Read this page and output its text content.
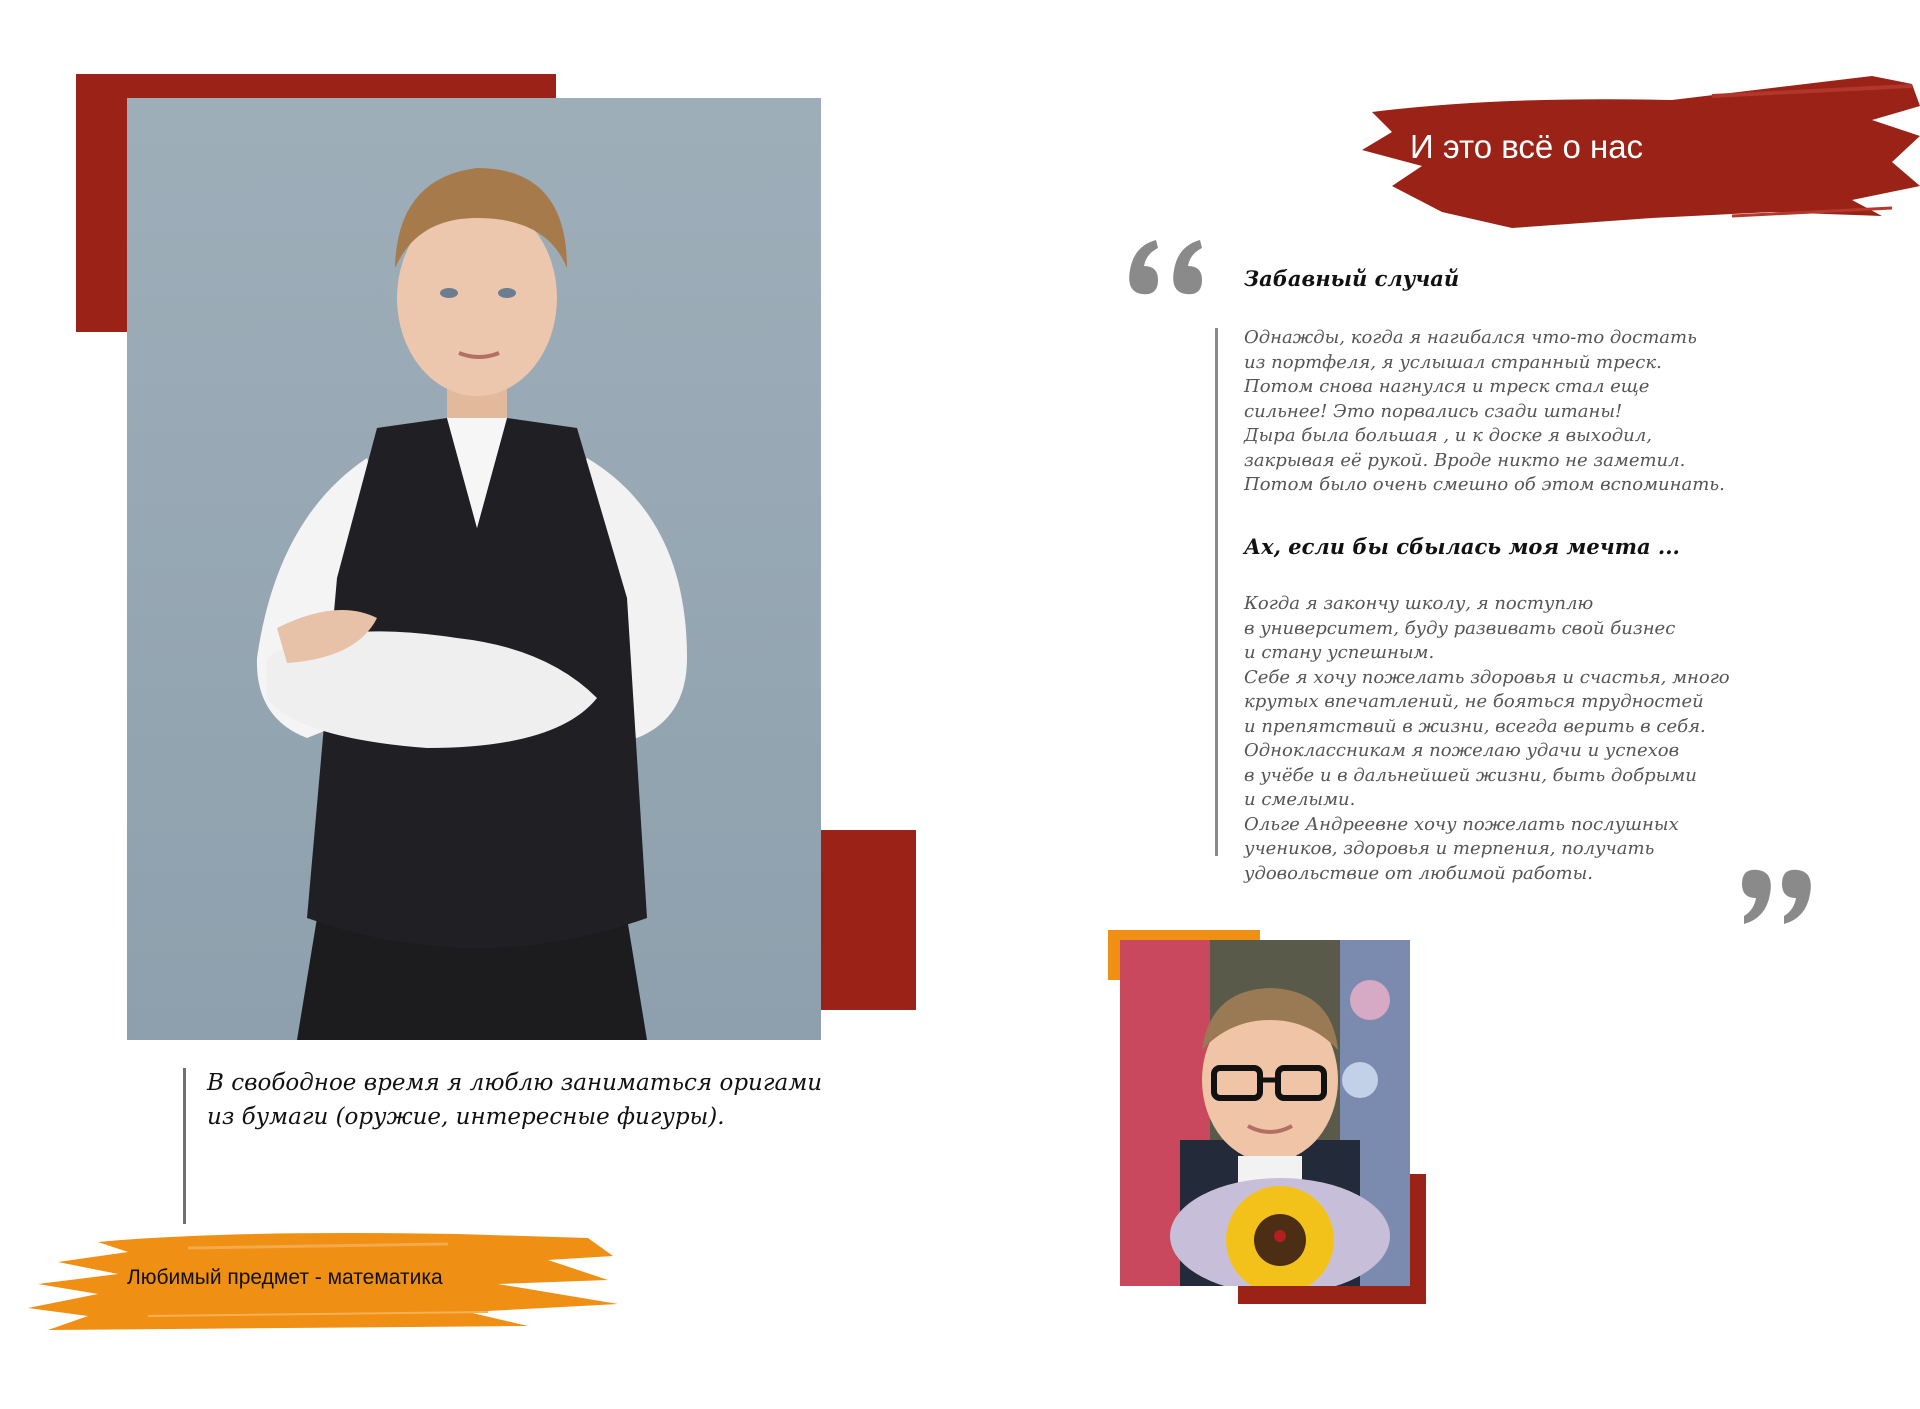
В свободное время я люблю заниматься оригами
из бумаги (оружие, интересные фигуры).
Любимый предмет - математика
И это всё о нас
Забавный случай
Однажды, когда я нагибался что-то достать
из портфеля, я услышал странный треск.
Потом снова нагнулся и треск стал еще
сильнее! Это порвались сзади штаны!
Дыра была большая , и к доске я выходил,
закрывая её рукой. Вроде никто не заметил.
Потом было очень смешно об этом вспоминать.
Ах, если бы сбылась моя мечта ...
Когда я закончу школу, я поступлю
в университет, буду развивать свой бизнес
и стану успешным.
Себе я хочу пожелать здоровья и счастья, много
крутых впечатлений, не бояться трудностей
и препятствий в жизни, всегда верить в себя.
Одноклассникам я пожелаю удачи и успехов
в учёбе и в дальнейшей жизни, быть добрыми
и смелыми.
Ольге Андреевне хочу пожелать послушных
учеников, здоровья и терпения, получать
удовольствие от любимой работы.
